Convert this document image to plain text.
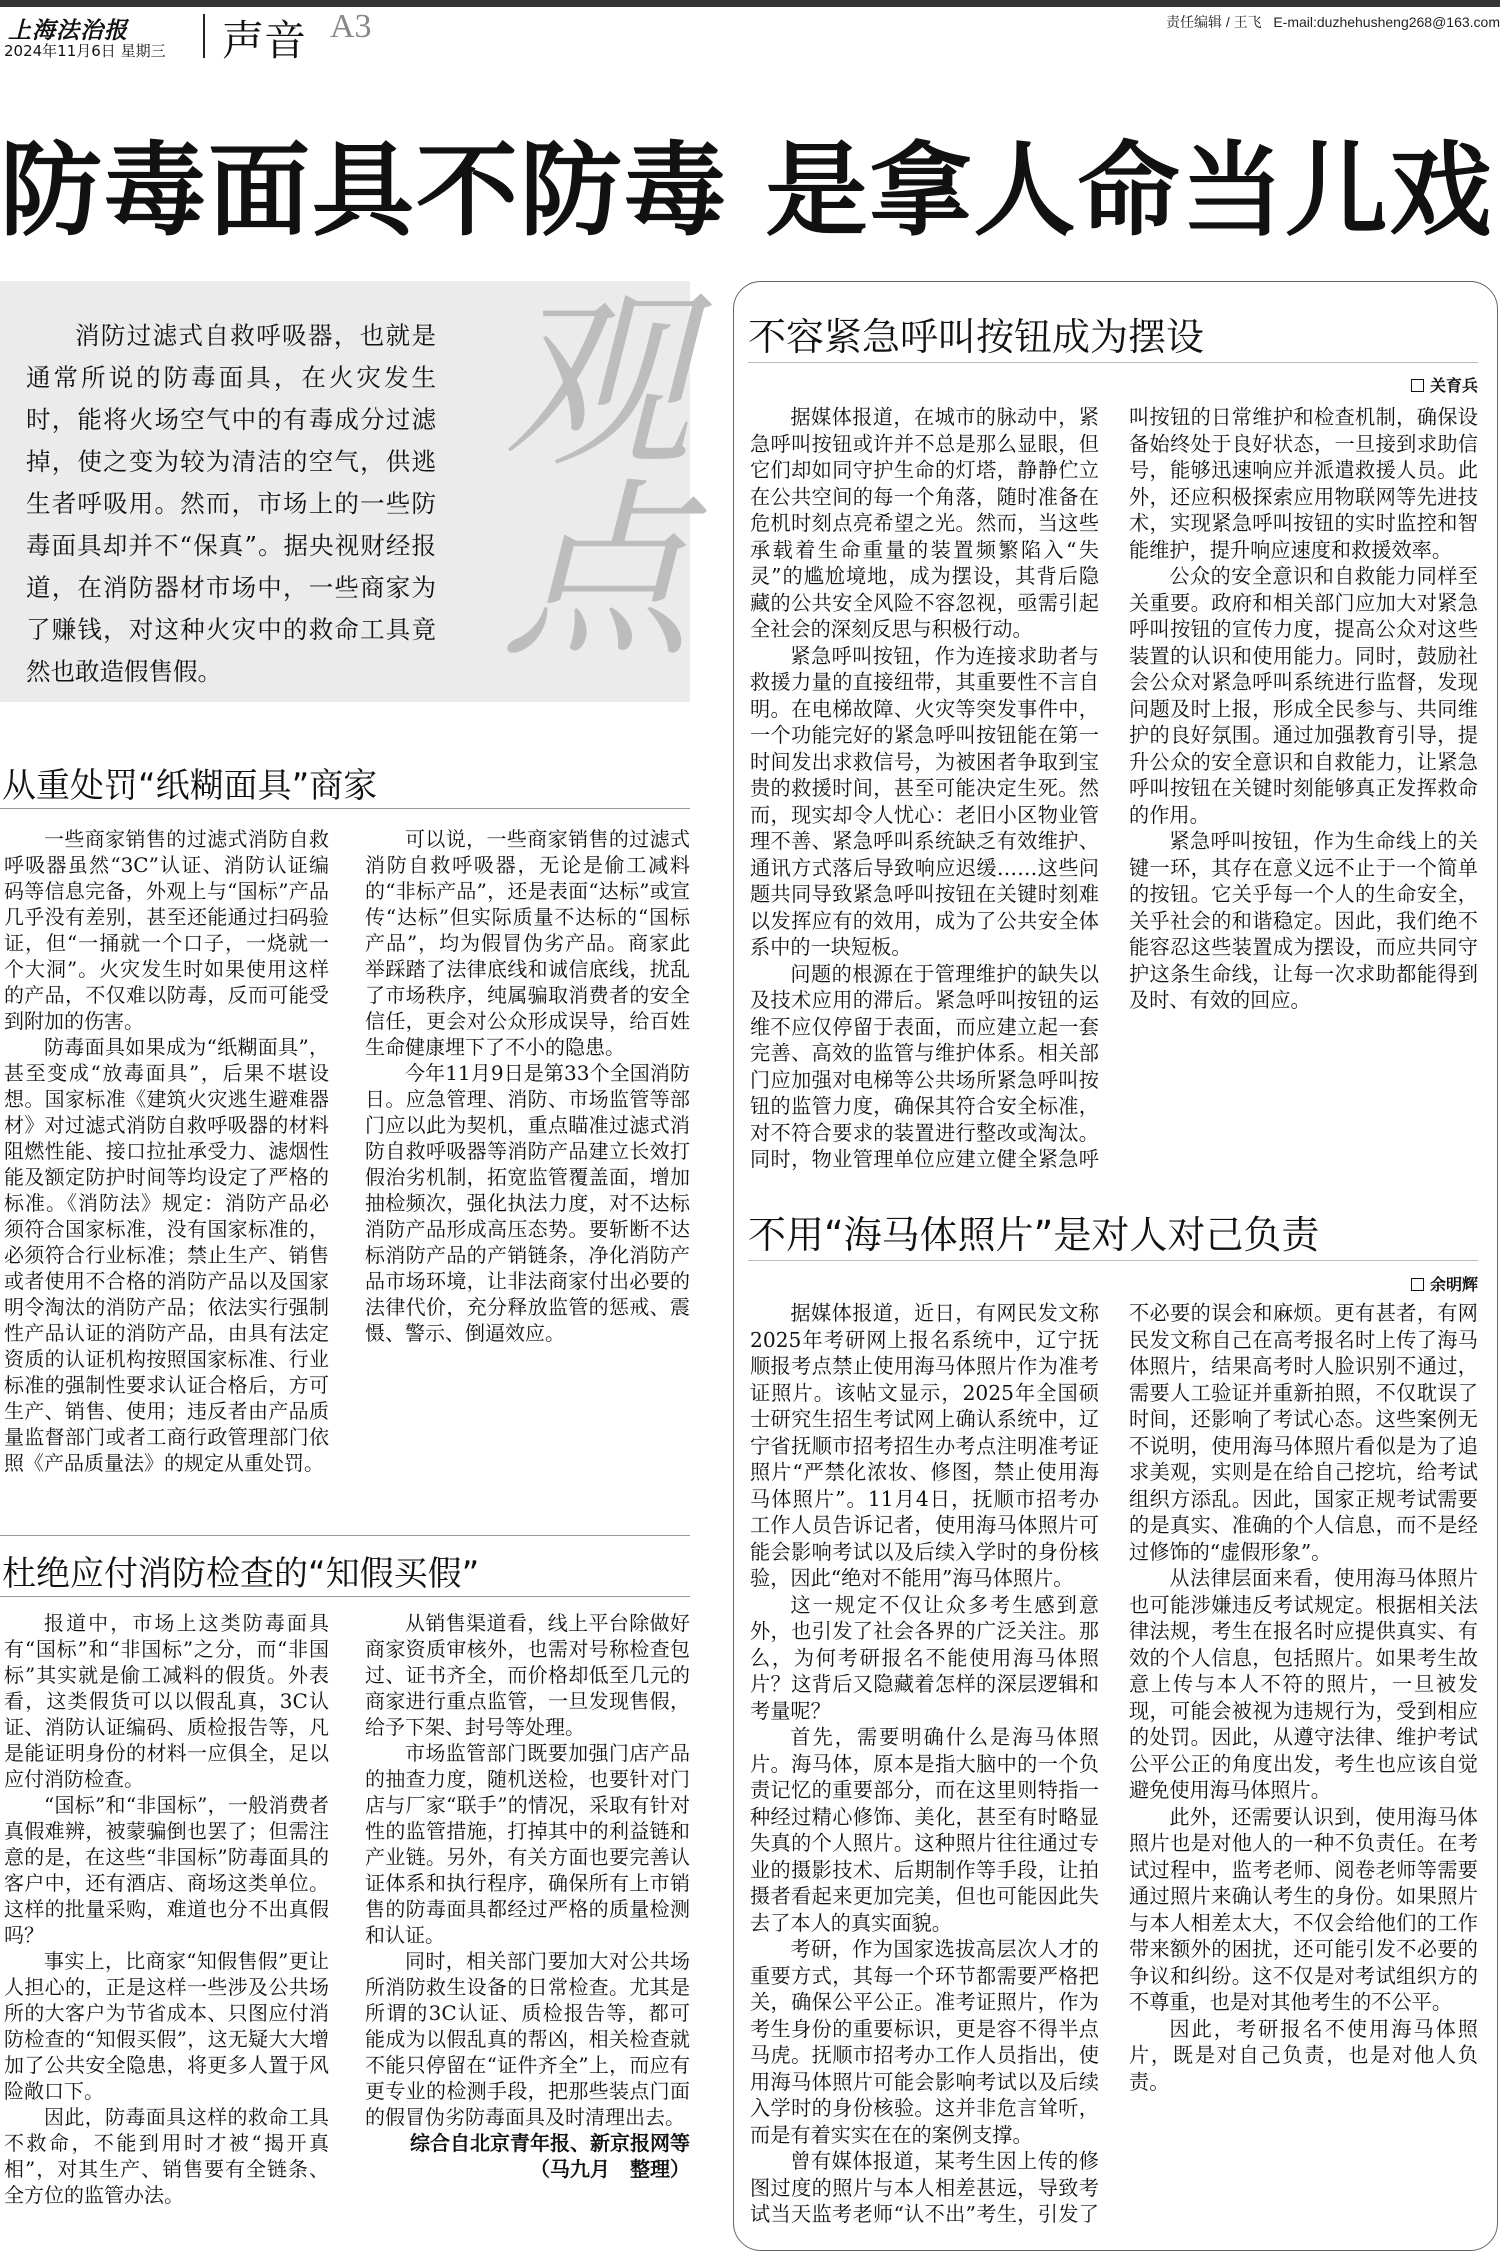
上海法治报
2024年11月6日 星期三 声音 A3	责任编辑 / 王飞 E-mail:duzhehusheng268@163.com
防毒面具不防毒 是拿人命当儿戏
观点

消防过滤式自救呼吸器，也就是通常所说的防毒面具，在火灾发生时，能将火场空气中的有毒成分过滤掉，使之变为较为清洁的空气，供逃生者呼吸用。然而，市场上的一些防毒面具却并不“保真”。据央视财经报道，在消防器材市场中，一些商家为了赚钱，对这种火灾中的救命工具竟然也敢造假售假。

从重处罚“纸糊面具”商家

一些商家销售的过滤式消防自救呼吸器虽然“3C”认证、消防认证编码等信息完备，外观上与“国标”产品几乎没有差别，甚至还能通过扫码验证，但“一捅就一个口子，一烧就一个大洞”。火灾发生时如果使用这样的产品，不仅难以防毒，反而可能受到附加的伤害。

防毒面具如果成为“纸糊面具”，甚至变成“放毒面具”，后果不堪设想。国家标准《建筑火灾逃生避难器材》对过滤式消防自救呼吸器的材料阻燃性能、接口拉扯承受力、滤烟性能及额定防护时间等均设定了严格的标准。《消防法》规定：消防产品必须符合国家标准，没有国家标准的，必须符合行业标准；禁止生产、销售或者使用不合格的消防产品以及国家明令淘汰的消防产品；依法实行强制性产品认证的消防产品，由具有法定资质的认证机构按照国家标准、行业标准的强制性要求认证合格后，方可生产、销售、使用；违反者由产品质量监督部门或者工商行政管理部门依照《产品质量法》的规定从重处罚。

可以说，一些商家销售的过滤式消防自救呼吸器，无论是偷工减料的“非标产品”，还是表面“达标”或宣传“达标”但实际质量不达标的“国标产品”，均为假冒伪劣产品。商家此举踩踏了法律底线和诚信底线，扰乱了市场秩序，纯属骗取消费者的安全信任，更会对公众形成误导，给百姓生命健康埋下了不小的隐患。

今年11月9日是第33个全国消防日。应急管理、消防、市场监管等部门应以此为契机，重点瞄准过滤式消防自救呼吸器等消防产品建立长效打假治劣机制，拓宽监管覆盖面，增加抽检频次，强化执法力度，对不达标消防产品形成高压态势。要斩断不达标消防产品的产销链条，净化消防产品市场环境，让非法商家付出必要的法律代价，充分释放监管的惩戒、震慑、警示、倒逼效应。

杜绝应付消防检查的“知假买假”

报道中，市场上这类防毒面具有“国标”和“非国标”之分，而“非国标”其实就是偷工减料的假货。外表看，这类假货可以以假乱真，3C认证、消防认证编码、质检报告等，凡是能证明身份的材料一应俱全，足以应付消防检查。

“国标”和“非国标”，一般消费者真假难辨，被蒙骗倒也罢了；但需注意的是，在这些“非国标”防毒面具的客户中，还有酒店、商场这类单位。这样的批量采购，难道也分不出真假吗？

事实上，比商家“知假售假”更让人担心的，正是这样一些涉及公共场所的大客户为节省成本、只图应付消防检查的“知假买假”，这无疑大大增加了公共安全隐患，将更多人置于风险敞口下。

因此，防毒面具这样的救命工具不救命，不能到用时才被“揭开真相”，对其生产、销售要有全链条、全方位的监管办法。

从销售渠道看，线上平台除做好商家资质审核外，也需对号称检查包过、证书齐全，而价格却低至几元的商家进行重点监管，一旦发现售假，给予下架、封号等处理。

市场监管部门既要加强门店产品的抽查力度，随机送检，也要针对门店与厂家“联手”的情况，采取有针对性的监管措施，打掉其中的利益链和产业链。另外，有关方面也要完善认证体系和执行程序，确保所有上市销售的防毒面具都经过严格的质量检测和认证。

同时，相关部门要加大对公共场所消防救生设备的日常检查。尤其是所谓的3C认证、质检报告等，都可能成为以假乱真的帮凶，相关检查就不能只停留在“证件齐全”上，而应有更专业的检测手段，把那些装点门面的假冒伪劣防毒面具及时清理出去。

综合自北京青年报、新京报网等

（马九月　整理）

不容紧急呼叫按钮成为摆设
关育兵

据媒体报道，在城市的脉动中，紧急呼叫按钮或许并不总是那么显眼，但它们却如同守护生命的灯塔，静静伫立在公共空间的每一个角落，随时准备在危机时刻点亮希望之光。然而，当这些承载着生命重量的装置频繁陷入“失灵”的尴尬境地，成为摆设，其背后隐藏的公共安全风险不容忽视，亟需引起全社会的深刻反思与积极行动。

紧急呼叫按钮，作为连接求助者与救援力量的直接纽带，其重要性不言自明。在电梯故障、火灾等突发事件中，一个功能完好的紧急呼叫按钮能在第一时间发出求救信号，为被困者争取到宝贵的救援时间，甚至可能决定生死。然而，现实却令人忧心：老旧小区物业管理不善、紧急呼叫系统缺乏有效维护、通讯方式落后导致响应迟缓……这些问题共同导致紧急呼叫按钮在关键时刻难以发挥应有的效用，成为了公共安全体系中的一块短板。

问题的根源在于管理维护的缺失以及技术应用的滞后。紧急呼叫按钮的运维不应仅停留于表面，而应建立起一套完善、高效的监管与维护体系。相关部门应加强对电梯等公共场所紧急呼叫按钮的监管力度，确保其符合安全标准，对不符合要求的装置进行整改或淘汰。同时，物业管理单位应建立健全紧急呼叫按钮的日常维护和检查机制，确保设备始终处于良好状态，一旦接到求助信号，能够迅速响应并派遣救援人员。此外，还应积极探索应用物联网等先进技术，实现紧急呼叫按钮的实时监控和智能维护，提升响应速度和救援效率。

公众的安全意识和自救能力同样至关重要。政府和相关部门应加大对紧急呼叫按钮的宣传力度，提高公众对这些装置的认识和使用能力。同时，鼓励社会公众对紧急呼叫系统进行监督，发现问题及时上报，形成全民参与、共同维护的良好氛围。通过加强教育引导，提升公众的安全意识和自救能力，让紧急呼叫按钮在关键时刻能够真正发挥救命的作用。

紧急呼叫按钮，作为生命线上的关键一环，其存在意义远不止于一个简单的按钮。它关乎每一个人的生命安全，关乎社会的和谐稳定。因此，我们绝不能容忍这些装置成为摆设，而应共同守护这条生命线，让每一次求助都能得到及时、有效的回应。

不用“海马体照片”是对人对己负责
余明辉

据媒体报道，近日，有网民发文称2025年考研网上报名系统中，辽宁抚顺报考点禁止使用海马体照片作为准考证照片。该帖文显示，2025年全国硕士研究生招生考试网上确认系统中，辽宁省抚顺市招考招生办考点注明准考证照片“严禁化浓妆、修图，禁止使用海马体照片”。11月4日，抚顺市招考办工作人员告诉记者，使用海马体照片可能会影响考试以及后续入学时的身份核验，因此“绝对不能用”海马体照片。

这一规定不仅让众多考生感到意外，也引发了社会各界的广泛关注。那么，为何考研报名不能使用海马体照片？这背后又隐藏着怎样的深层逻辑和考量呢？

首先，需要明确什么是海马体照片。海马体，原本是指大脑中的一个负责记忆的重要部分，而在这里则特指一种经过精心修饰、美化，甚至有时略显失真的个人照片。这种照片往往通过专业的摄影技术、后期制作等手段，让拍摄者看起来更加完美，但也可能因此失去了本人的真实面貌。

考研，作为国家选拔高层次人才的重要方式，其每一个环节都需要严格把关，确保公平公正。准考证照片，作为考生身份的重要标识，更是容不得半点马虎。抚顺市招考办工作人员指出，使用海马体照片可能会影响考试以及后续入学时的身份核验。这并非危言耸听，而是有着实实在在的案例支撑。

曾有媒体报道，某考生因上传的修图过度的照片与本人相差甚远，导致考试当天监考老师“认不出”考生，引发了不必要的误会和麻烦。更有甚者，有网民发文称自己在高考报名时上传了海马体照片，结果高考时人脸识别不通过，需要人工验证并重新拍照，不仅耽误了时间，还影响了考试心态。这些案例无不说明，使用海马体照片看似是为了追求美观，实则是在给自己挖坑，给考试组织方添乱。因此，国家正规考试需要的是真实、准确的个人信息，而不是经过修饰的“虚假形象”。

从法律层面来看，使用海马体照片也可能涉嫌违反考试规定。根据相关法律法规，考生在报名时应提供真实、有效的个人信息，包括照片。如果考生故意上传与本人不符的照片，一旦被发现，可能会被视为违规行为，受到相应的处罚。因此，从遵守法律、维护考试公平公正的角度出发，考生也应该自觉避免使用海马体照片。

此外，还需要认识到，使用海马体照片也是对他人的一种不负责任。在考试过程中，监考老师、阅卷老师等需要通过照片来确认考生的身份。如果照片与本人相差太大，不仅会给他们的工作带来额外的困扰，还可能引发不必要的争议和纠纷。这不仅是对考试组织方的不尊重，也是对其他考生的不公平。

因此，考研报名不使用海马体照片，既是对自己负责，也是对他人负责。
